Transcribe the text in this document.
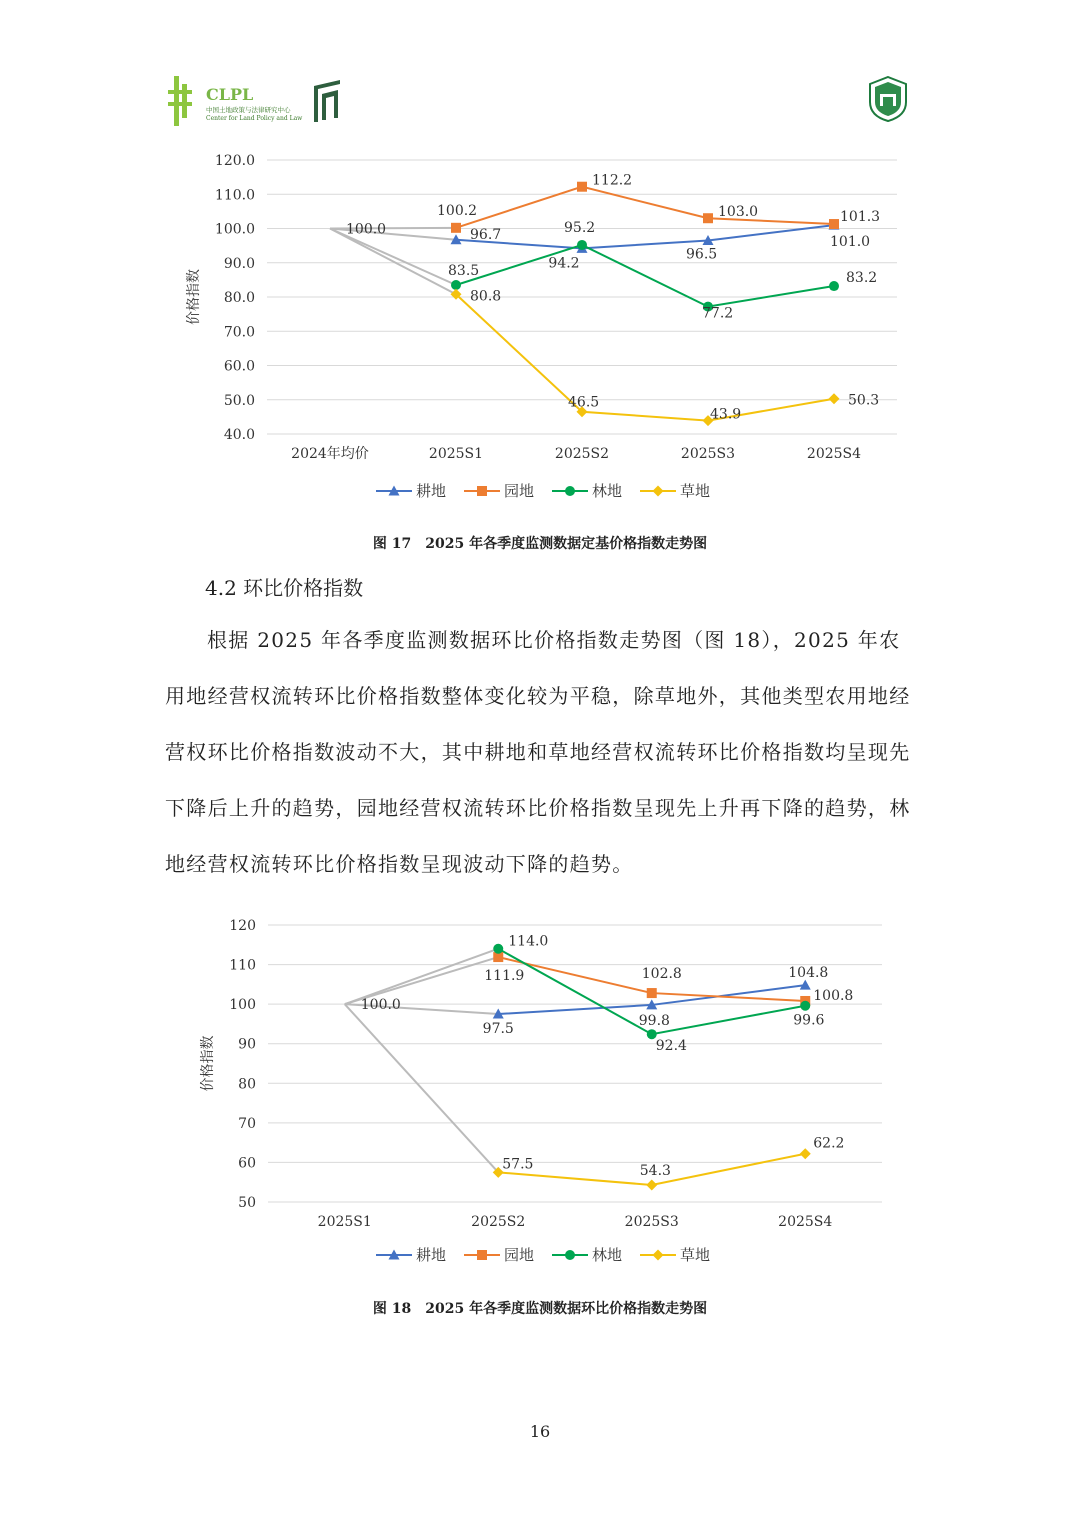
CLPL
中国土地政策与法律研究中心
Center for Land Policy and Law
40.0
50.0
60.0
70.0
80.0
90.0
100.0
110.0
120.0
价格指数
2024年均价	2025S1	2025S2	2025S3	2025S4
100.0	96.7
94.2
96.5
101.0
100.2
112.2
103.0	101.3
83.5
95.2
77.2
83.2
80.8
46.5
43.9
50.3
耕地	园地	林地	草地
图 17　2025 年各季度监测数据定基价格指数走势图
4.2 环比价格指数
根据 2025 年各季度监测数据环比价格指数走势图（图 18），2025 年农用地经营权流转环比价格指数整体变化较为平稳，除草地外，其他类型农用地经营权环比价格指数波动不大，其中耕地和草地经营权流转环比价格指数均呈现先下降后上升的趋势，园地经营权流转环比价格指数呈现先上升再下降的趋势，林地经营权流转环比价格指数呈现波动下降的趋势。
50
60
70
80
90
100
110
120
价格指数
2025S1	2025S2	2025S3	2025S4
100.0
97.5
99.8
104.8
111.9	102.8
100.8
114.0
92.4
99.6
57.5	54.3
62.2
耕地	园地	林地	草地
图 18　2025 年各季度监测数据环比价格指数走势图
16
